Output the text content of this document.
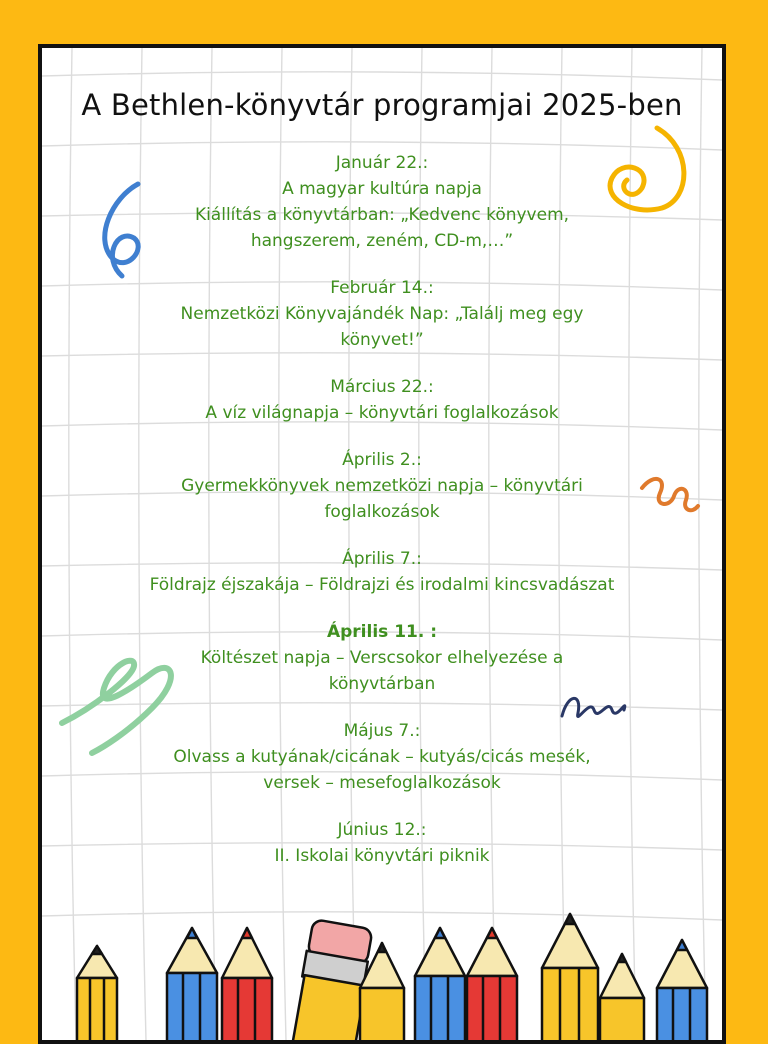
A Bethlen-könyvtár programjai 2025-ben
Január 22.:
A magyar kultúra napja
Kiállítás a könyvtárban: „Kedvenc könyvem,
hangszerem, zeném, CD-m,…”
Február 14.:
Nemzetközi Könyvajándék Nap: „Találj meg egy
könyvet!”
Március 22.:
A víz világnapja – könyvtári foglalkozások
Április 2.:
Gyermekkönyvek nemzetközi napja – könyvtári
foglalkozások
Április 7.:
Földrajz éjszakája – Földrajzi és irodalmi kincsvadászat
Április 11. :
Költészet napja – Verscsokor elhelyezése a
könyvtárban
Május 7.:
Olvass a kutyának/cicának – kutyás/cicás mesék,
versek – mesefoglalkozások
Június 12.:
II. Iskolai könyvtári piknik
